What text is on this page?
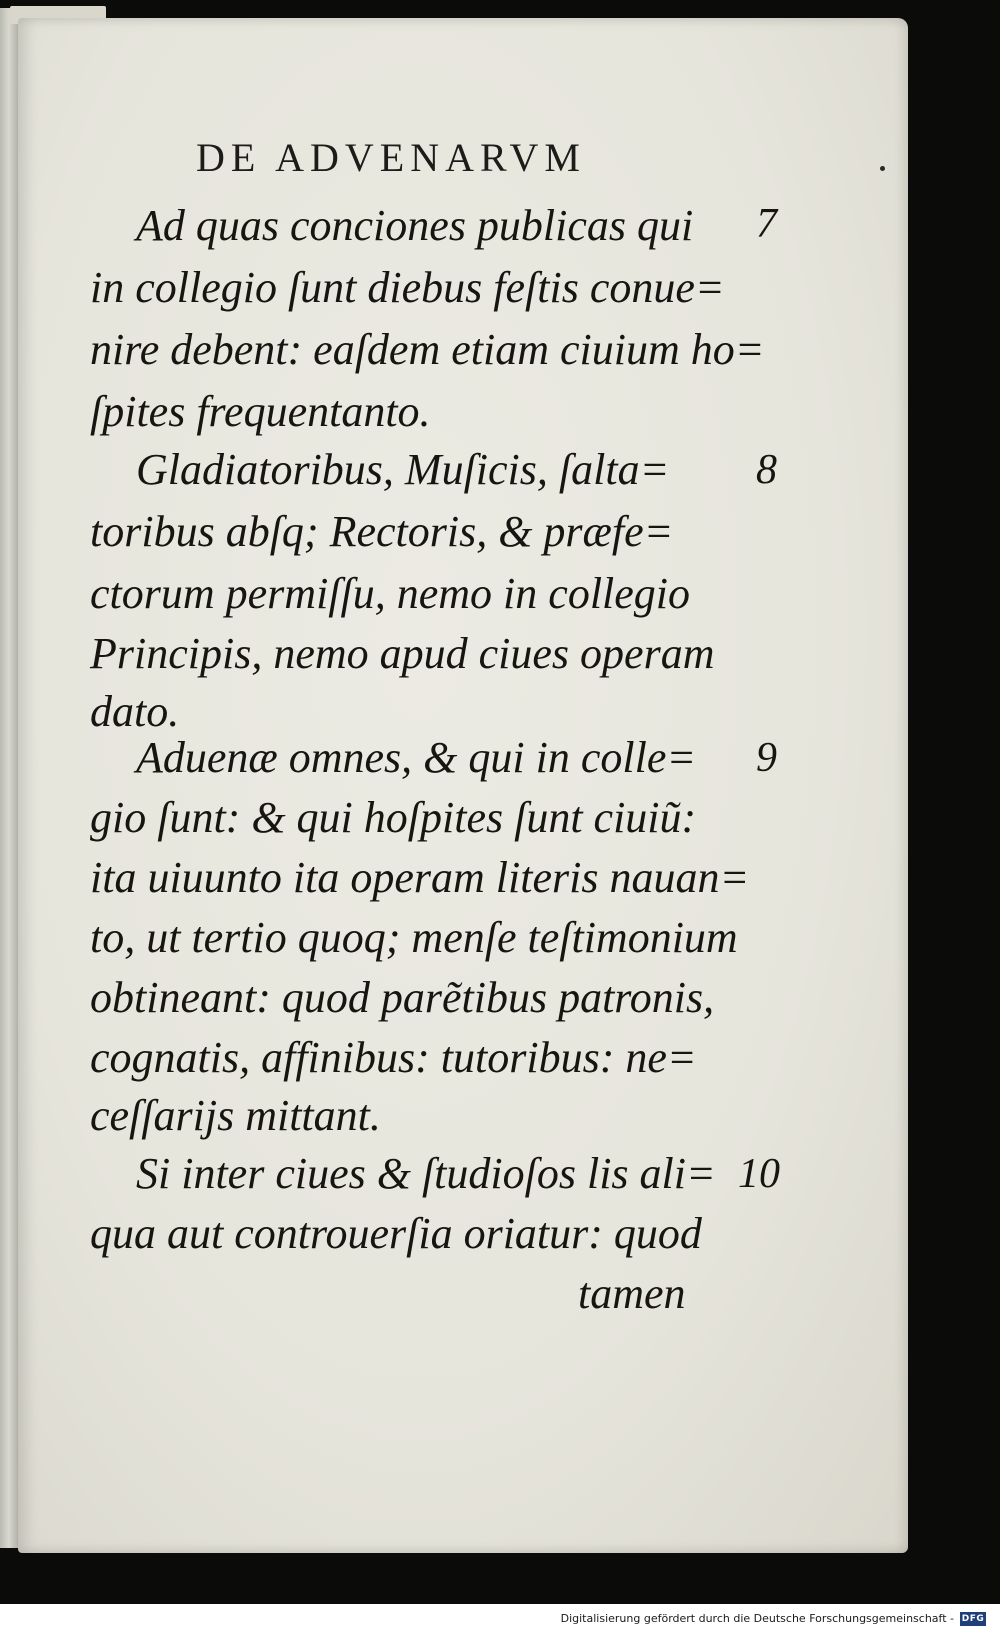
DE ADVENARVM
Ad quas conciones publicas qui
in collegio ſunt diebus feſtis conue=
nire debent: eaſdem etiam ciuium ho=
ſpites frequentanto.
Gladiatoribus, Muſicis, ſalta=
toribus abſq; Rectoris, & præfe=
ctorum permiſſu, nemo in collegio
Principis, nemo apud ciues operam
dato.
Aduenæ omnes, & qui in colle=
gio ſunt: & qui hoſpites ſunt ciuiũ:
ita uiuunto ita operam literis nauan=
to, ut tertio quoq; menſe teſtimonium
obtineant: quod parẽtibus patronis,
cognatis, affinibus: tutoribus: ne=
ceſſarijs mittant.
Si inter ciues & ſtudioſos lis ali=
qua aut controuerſia oriatur: quod
tamen
7
8
9
10
Digitalisierung gefördert durch die Deutsche Forschungsgemeinschaft - DFG
